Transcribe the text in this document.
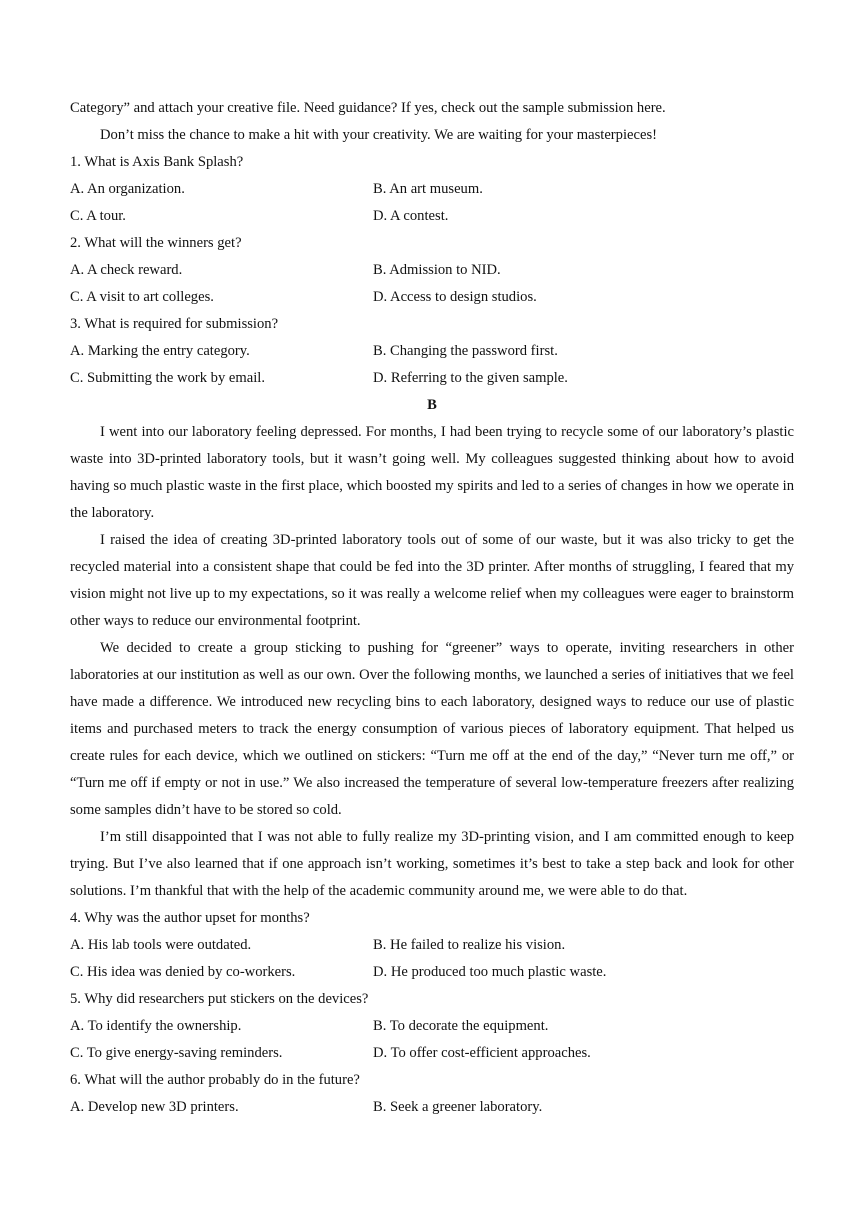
Category” and attach your creative file. Need guidance? If yes, check out the sample submission here.
Don’t miss the chance to make a hit with your creativity. We are waiting for your masterpieces!
1. What is Axis Bank Splash?
A. An organization.	B. An art museum.
C. A tour.	D. A contest.
2. What will the winners get?
A. A check reward.	B. Admission to NID.
C. A visit to art colleges.	D. Access to design studios.
3. What is required for submission?
A. Marking the entry category.	B. Changing the password first.
C. Submitting the work by email.	D. Referring to the given sample.
B

I went into our laboratory feeling depressed. For months, I had been trying to recycle some of our laboratory’s plastic waste into 3D-printed laboratory tools, but it wasn’t going well. My colleagues suggested thinking about how to avoid having so much plastic waste in the first place, which boosted my spirits and led to a series of changes in how we operate in the laboratory.

I raised the idea of creating 3D-printed laboratory tools out of some of our waste, but it was also tricky to get the recycled material into a consistent shape that could be fed into the 3D printer. After months of struggling, I feared that my vision might not live up to my expectations, so it was really a welcome relief when my colleagues were eager to brainstorm other ways to reduce our environmental footprint.

We decided to create a group sticking to pushing for “greener” ways to operate, inviting researchers in other laboratories at our institution as well as our own. Over the following months, we launched a series of initiatives that we feel have made a difference. We introduced new recycling bins to each laboratory, designed ways to reduce our use of plastic items and purchased meters to track the energy consumption of various pieces of laboratory equipment. That helped us create rules for each device, which we outlined on stickers: “Turn me off at the end of the day,” “Never turn me off,” or “Turn me off if empty or not in use.” We also increased the temperature of several low-temperature freezers after realizing some samples didn’t have to be stored so cold.

I’m still disappointed that I was not able to fully realize my 3D-printing vision, and I am committed enough to keep trying. But I’ve also learned that if one approach isn’t working, sometimes it’s best to take a step back and look for other solutions. I’m thankful that with the help of the academic community around me, we were able to do that.

4. Why was the author upset for months?
A. His lab tools were outdated.	B. He failed to realize his vision.
C. His idea was denied by co-workers.	D. He produced too much plastic waste.
5. Why did researchers put stickers on the devices?
A. To identify the ownership.	B. To decorate the equipment.
C. To give energy-saving reminders.	D. To offer cost-efficient approaches.
6. What will the author probably do in the future?
A. Develop new 3D printers.	B. Seek a greener laboratory.
